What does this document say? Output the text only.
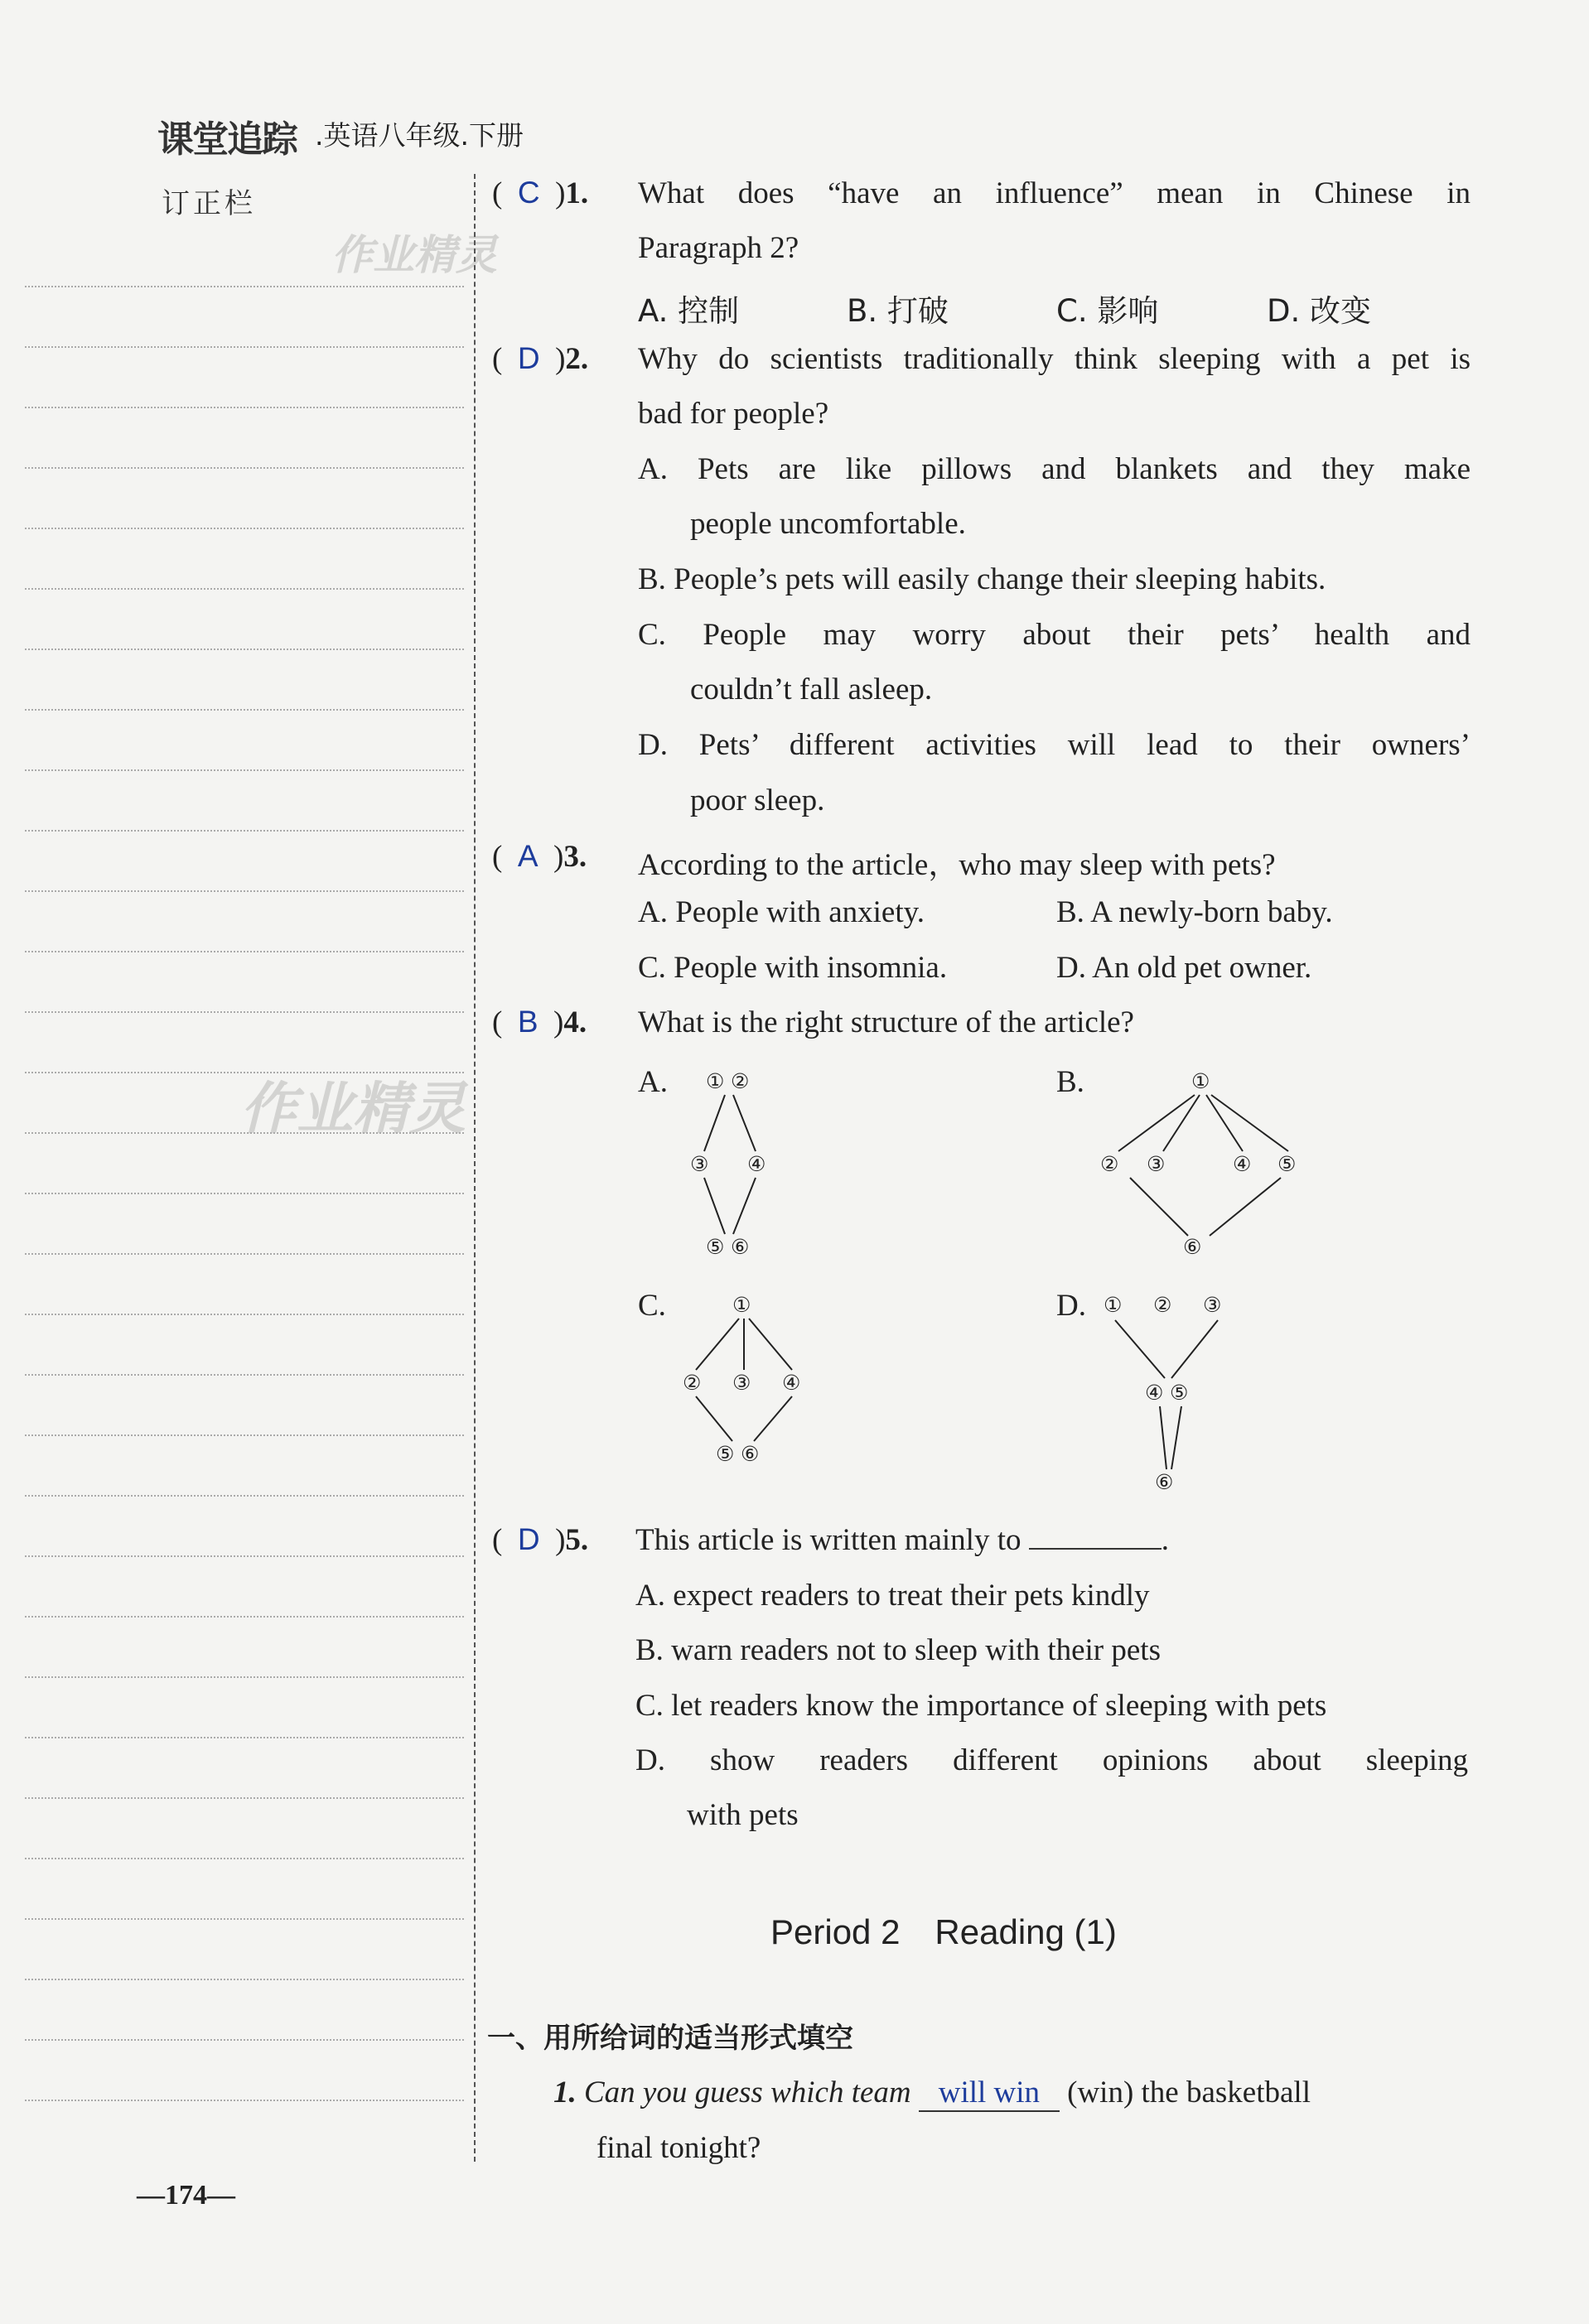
课堂追踪 .英语八年级.下册
订正栏
作业精灵
作业精灵
(  C  )1. What does “have an influence” mean in Chinese in
Paragraph 2?
A. 控制	B. 打破	C. 影响	D. 改变
(  D  )2. Why do scientists traditionally think sleeping with a pet is
bad for people?
A. Pets are like pillows and blankets and they make
people uncomfortable.
B. People’s pets will easily change their sleeping habits.
C. People may worry about their pets’ health and
couldn’t fall asleep.
D. Pets’ different activities will lead to their owners’
poor sleep.
(  A  )3. According to the article，who may sleep with pets?
A. People with anxiety.	B. A newly-born baby.
C. People with insomnia.	D. An old pet owner.
(  B  )4. What is the right structure of the article?
A.	B.
C.	D.
① ②
③ ④
⑤ ⑥
①
② ③	④ ⑤
⑥
①
② ③ ④
⑤ ⑥
① ② ③
④ ⑤
⑥
(  D  )5. This article is written mainly to	.
A. expect readers to treat their pets kindly
B. warn readers not to sleep with their pets
C. let readers know the importance of sleeping with pets
D. show readers different opinions about sleeping
with pets
Period 2　Reading (1)
一、用所给词的适当形式填空
1. Can you guess which team will win (win) the basketball
final tonight?
—174—
